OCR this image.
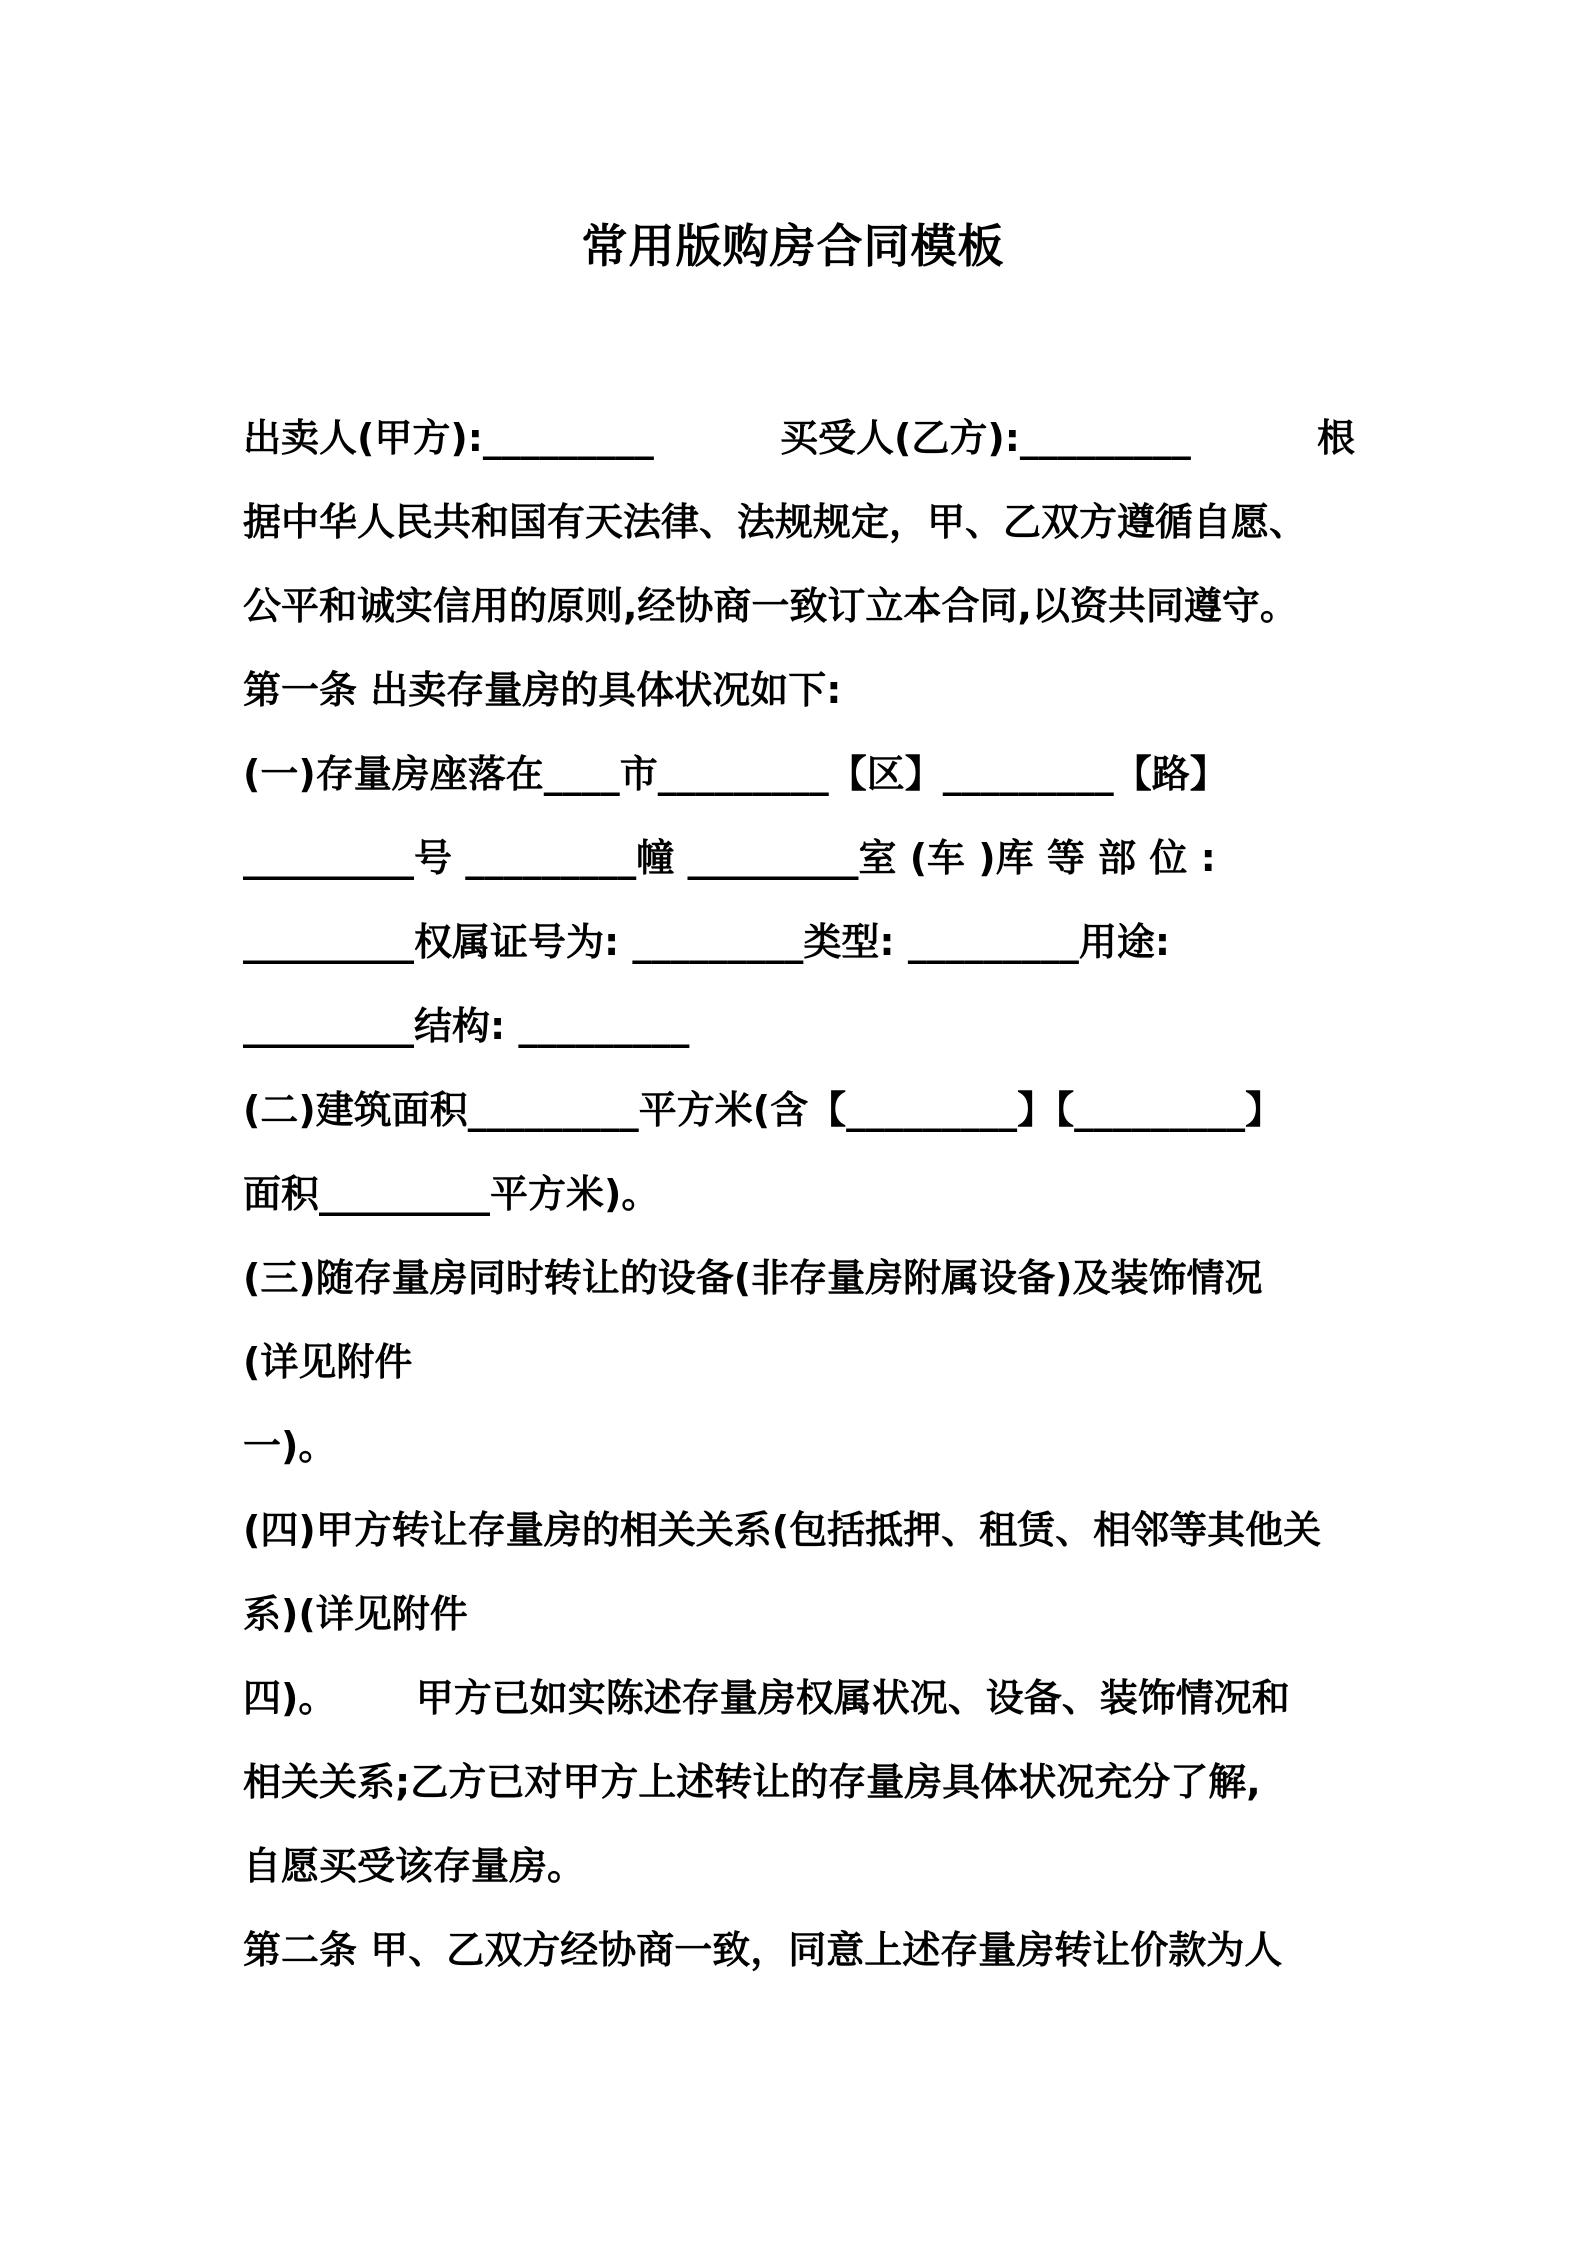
常用版购房合同模板
出卖人(甲方):_________	买受人(乙方):_________	根
据中华人民共和国有天法律、法规规定，甲、乙双方遵循自愿、
公平和诚实信用的原则,经协商一致订立本合同,以资共同遵守。
第一条 出卖存量房的具体状况如下:
(一)存量房座落在____市_________【区】_________【路】
_________号 _________幢 _________室 (车 )库 等 部 位 :
_________权属证号为: _________类型: _________用途:
_________结构: _________
(二)建筑面积_________平方米(含【_________】【_________】
面积_________平方米)。
(三)随存量房同时转让的设备(非存量房附属设备)及装饰情况
(详见附件
一)。
(四)甲方转让存量房的相关关系(包括抵押、租赁、相邻等其他关
系)(详见附件
四)。      甲方已如实陈述存量房权属状况、设备、装饰情况和
相关关系;乙方已对甲方上述转让的存量房具体状况充分了解,
自愿买受该存量房。
第二条 甲、乙双方经协商一致，同意上述存量房转让价款为人
